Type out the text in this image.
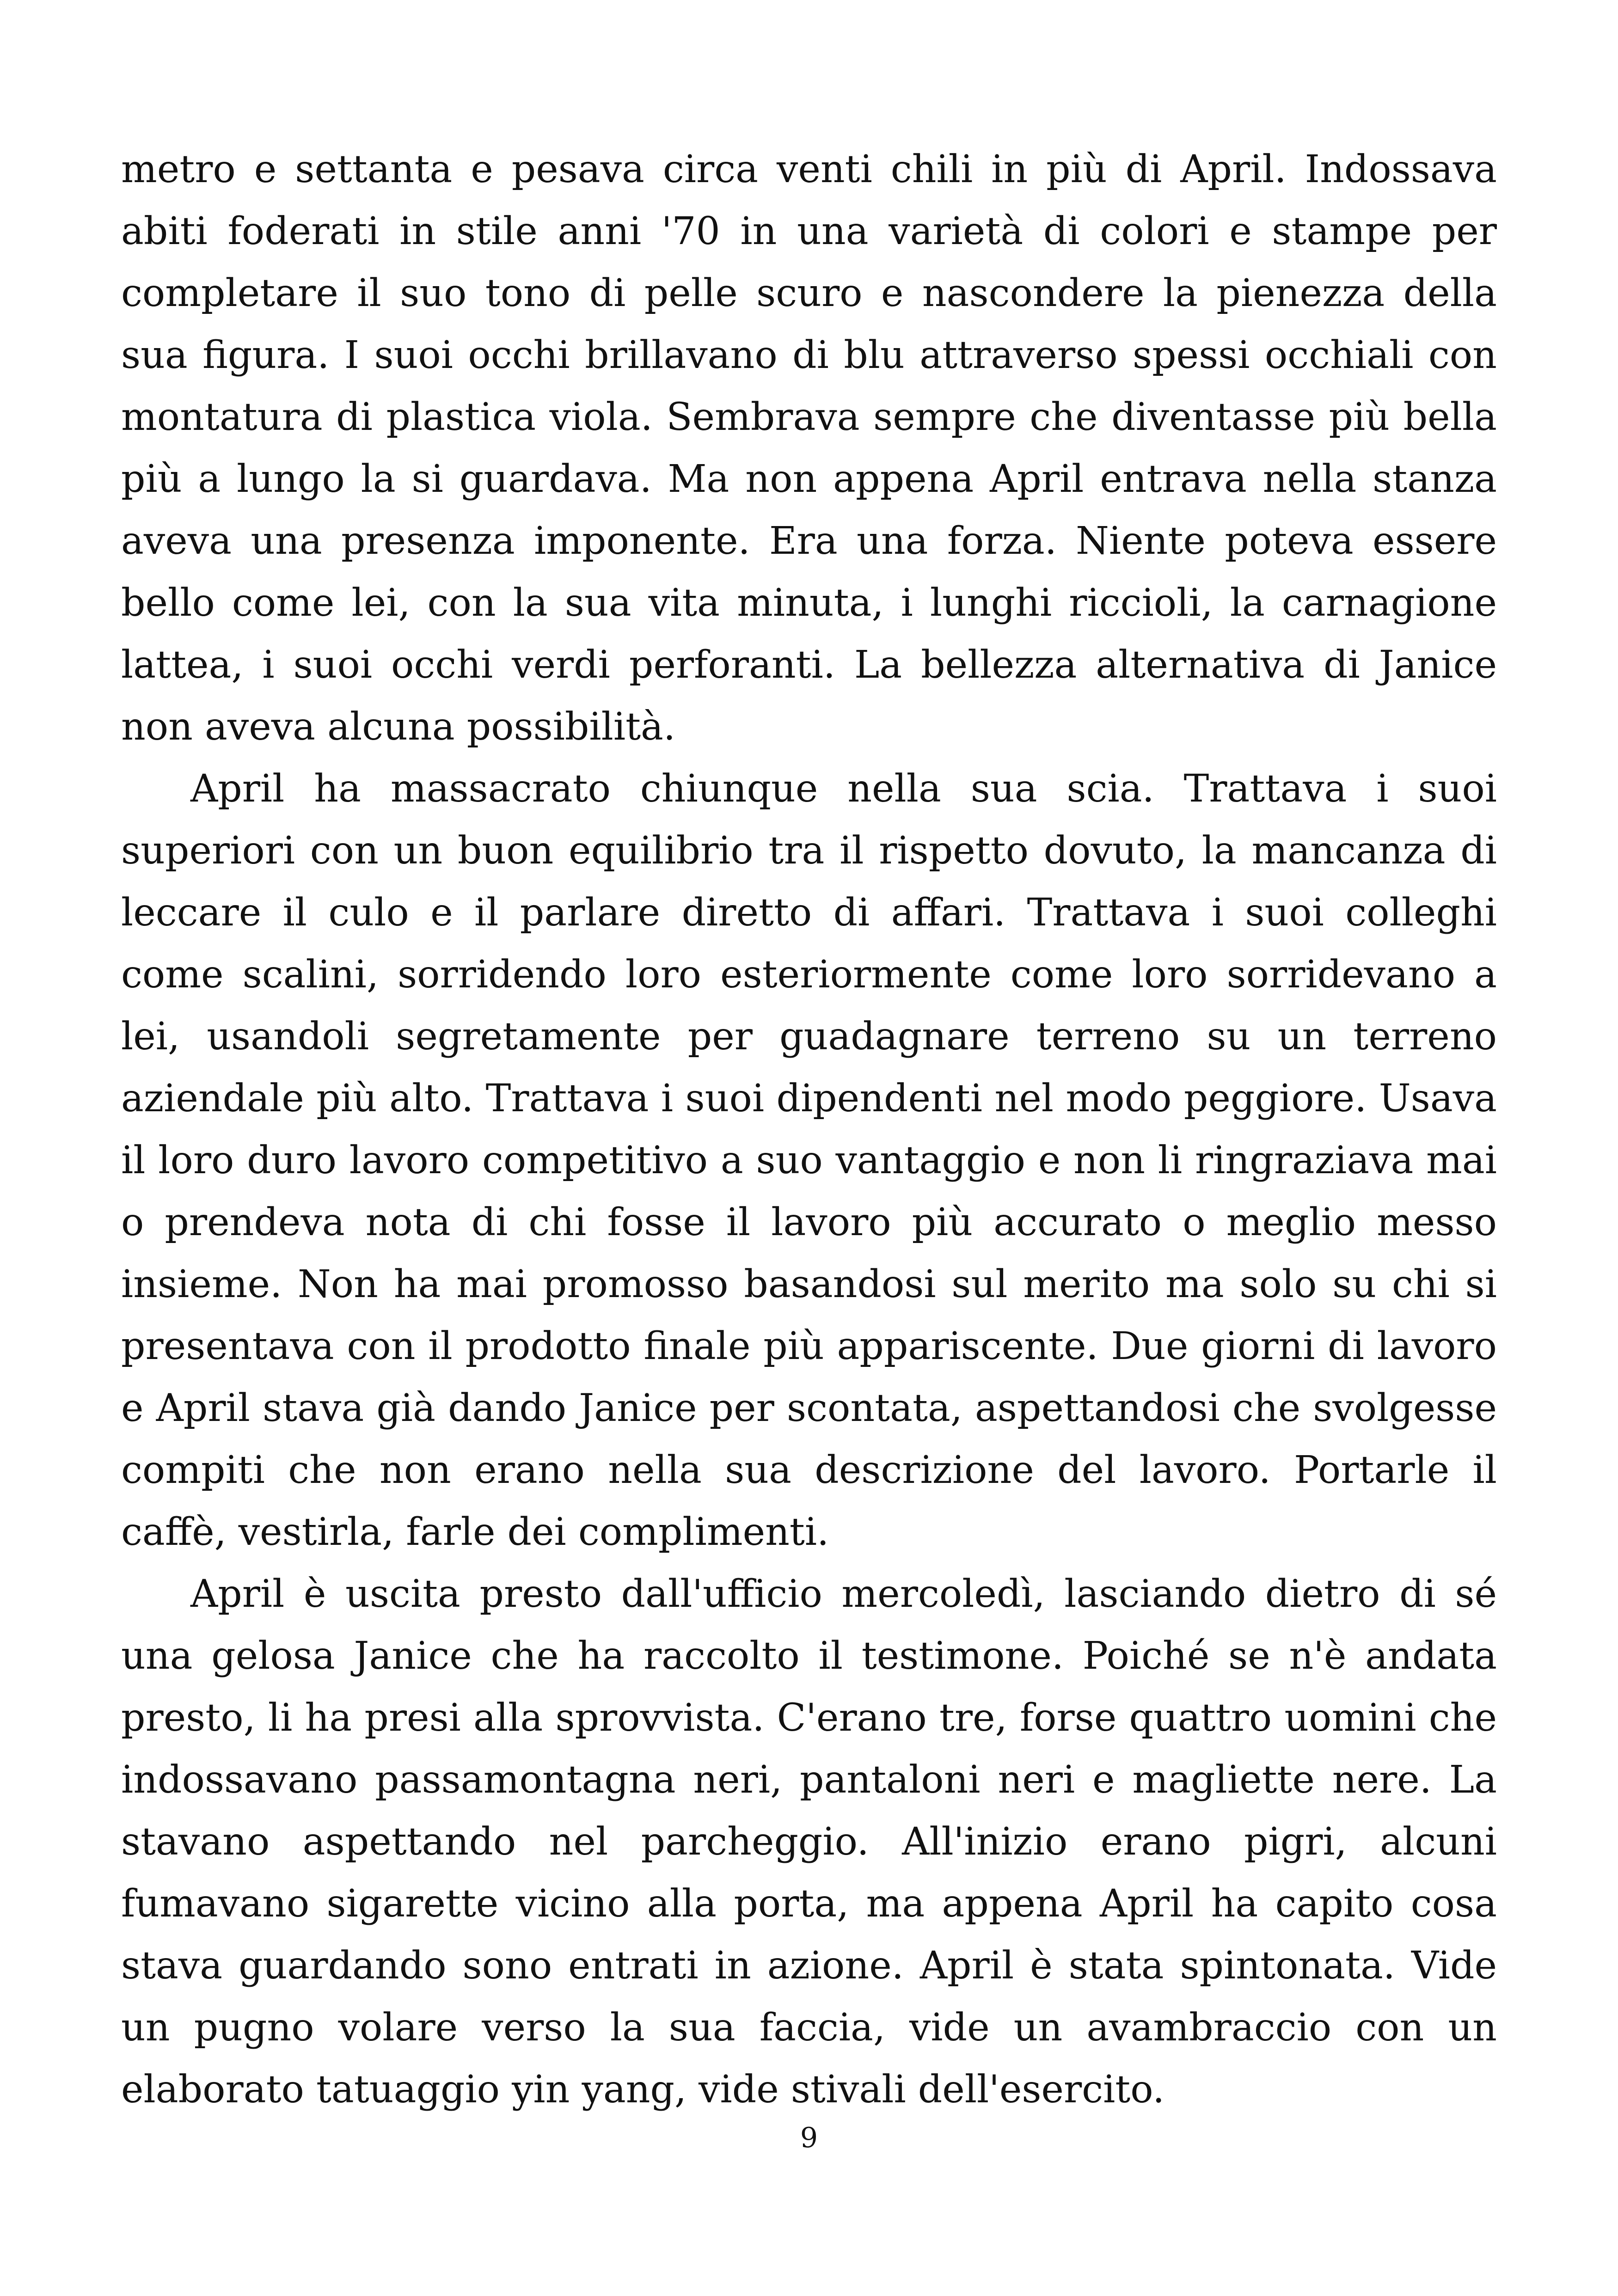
metro e settanta e pesava circa venti chili in più di April. Indossava abiti foderati in stile anni '70 in una varietà di colori e stampe per completare il suo tono di pelle scuro e nascondere la pienezza della sua figura. I suoi occhi brillavano di blu attraverso spessi occhiali con montatura di plastica viola. Sembrava sempre che diventasse più bella più a lungo la si guardava. Ma non appena April entrava nella stanza aveva una presenza imponente. Era una forza. Niente poteva essere bello come lei, con la sua vita minuta, i lunghi riccioli, la carnagione lattea, i suoi occhi verdi perforanti. La bellezza alternativa di Janice non aveva alcuna possibilità.

April ha massacrato chiunque nella sua scia. Trattava i suoi superiori con un buon equilibrio tra il rispetto dovuto, la mancanza di leccare il culo e il parlare diretto di affari. Trattava i suoi colleghi come scalini, sorridendo loro esteriormente come loro sorridevano a lei, usandoli segretamente per guadagnare terreno su un terreno aziendale più alto. Trattava i suoi dipendenti nel modo peggiore. Usava il loro duro lavoro competitivo a suo vantaggio e non li ringraziava mai o prendeva nota di chi fosse il lavoro più accurato o meglio messo insieme. Non ha mai promosso basandosi sul merito ma solo su chi si presentava con il prodotto finale più appariscente. Due giorni di lavoro e April stava già dando Janice per scontata, aspettandosi che svolgesse compiti che non erano nella sua descrizione del lavoro. Portarle il caffè, vestirla, farle dei complimenti.

April è uscita presto dall'ufficio mercoledì, lasciando dietro di sé una gelosa Janice che ha raccolto il testimone. Poiché se n'è andata presto, li ha presi alla sprovvista. C'erano tre, forse quattro uomini che indossavano passamontagna neri, pantaloni neri e magliette nere. La stavano aspettando nel parcheggio. All'inizio erano pigri, alcuni fumavano sigarette vicino alla porta, ma appena April ha capito cosa stava guardando sono entrati in azione. April è stata spintonata. Vide un pugno volare verso la sua faccia, vide un avambraccio con un elaborato tatuaggio yin yang, vide stivali dell'esercito.

9
